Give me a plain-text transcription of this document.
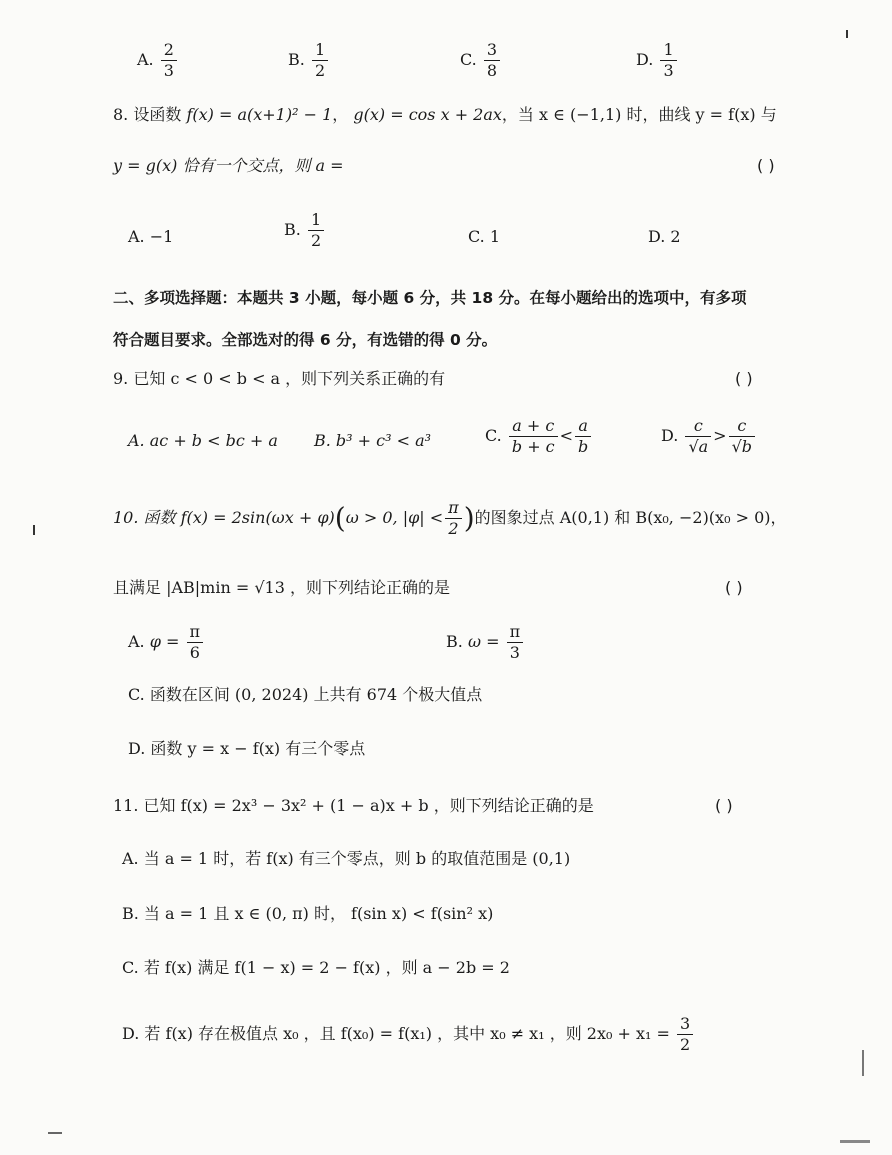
A. $\frac{2}{3}$	B. $\frac{1}{2}$	C. $\frac{3}{8}$	D. $\frac{1}{3}$
8. 设函数 f(x) = a(x+1)² − 1， g(x) = cos x + 2ax，当 x ∈ (−1,1) 时，曲线 y = f(x) 与
y = g(x) 恰有一个交点，则 a =	( )
A. −1	B. $\frac{1}{2}$	C. 1	D. 2
二、多项选择题：本题共 3 小题，每小题 6 分，共 18 分。在每小题给出的选项中，有多项
符合题目要求。全部选对的得 6 分，有选错的得 0 分。
9. 已知 c < 0 < b < a ，则下列关系正确的有	( )
A. ac + b < bc + a B. b³ + c³ < a³	C. $\frac{a + c}{b + c} < \frac{a}{b}$	D. $\frac{c}{√a} > \frac{c}{√b}$
10. 函数 f(x) = 2sin(ωx + φ)(ω > 0, $|\varphi| < \frac{\pi}{2}$ )的图象过点 A(0,1) 和 B(x₀, −2)(x₀ > 0)，
且满足 |AB|min = √13 ，则下列结论正确的是	( )
A. $\varphi = \frac{\pi}{6}$	B. $\omega = \frac{\pi}{3}$
C. 函数在区间 (0, 2024) 上共有 674 个极大值点
D. 函数 y = x − f(x) 有三个零点
11. 已知 f(x) = 2x³ − 3x² + (1 − a)x + b ，则下列结论正确的是	( )
A. 当 a = 1 时，若 f(x) 有三个零点，则 b 的取值范围是 (0,1)
B. 当 a = 1 且 x ∈ (0, π) 时， f(sin x) < f(sin² x)
C. 若 f(x) 满足 f(1 − x) = 2 − f(x) ，则 a − 2b = 2
D. 若 f(x) 存在极值点 x₀ ，且 f(x₀) = f(x₁) ，其中 x₀ ≠ x₁ ，则 $2x_0 + x_1 = \frac{3}{2}$
